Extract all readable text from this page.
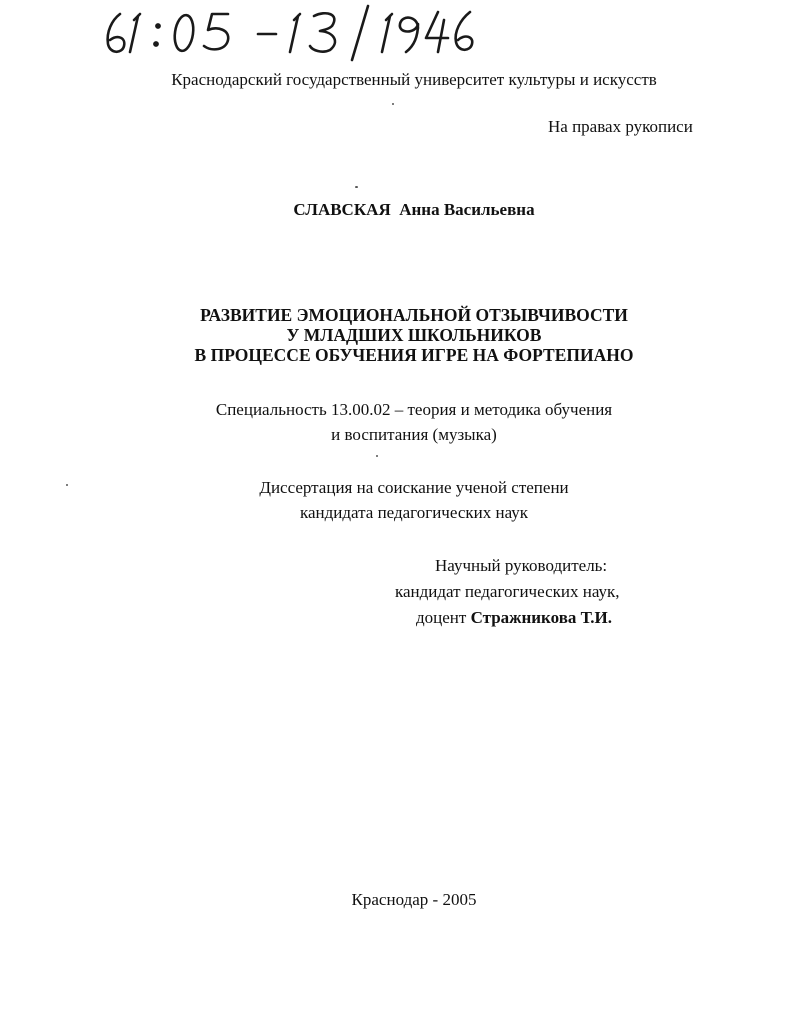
Краснодарский государственный университет культуры и искусств
На правах рукописи
СЛАВСКАЯ Анна Васильевна
РАЗВИТИЕ ЭМОЦИОНАЛЬНОЙ ОТЗЫВЧИВОСТИ
У МЛАДШИХ ШКОЛЬНИКОВ
В ПРОЦЕССЕ ОБУЧЕНИЯ ИГРЕ НА ФОРТЕПИАНО
Специальность 13.00.02 – теория и методика обучения
и воспитания (музыка)
Диссертация на соискание ученой степени
кандидата педагогических наук
Научный руководитель:
кандидат педагогических наук,
доцент Стражникова Т.И.
Краснодар - 2005
